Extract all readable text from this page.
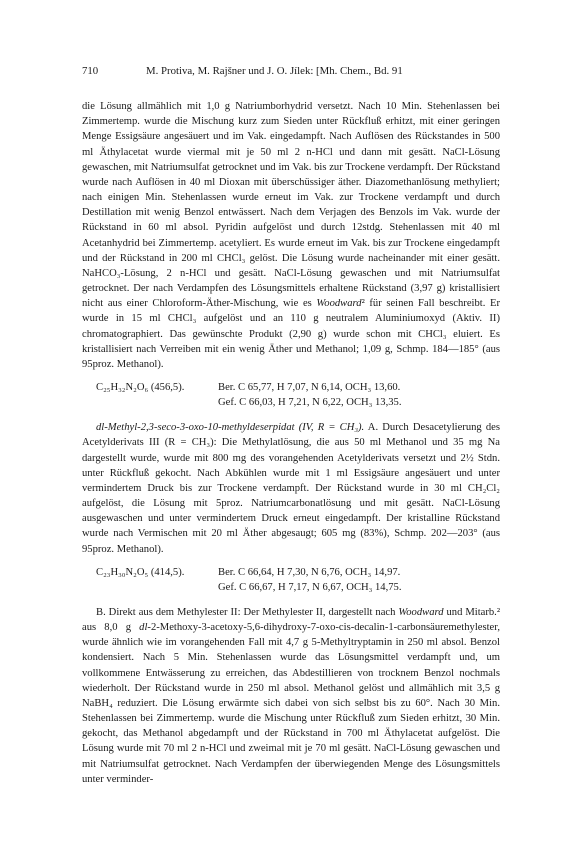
710	M. Protiva, M. Rajšner und J. O. Jílek: [Mh. Chem., Bd. 91

die Lösung allmählich mit 1,0 g Natriumborhydrid versetzt. Nach 10 Min. Stehenlassen bei Zimmertemp. wurde die Mischung kurz zum Sieden unter Rückfluß erhitzt, mit einer geringen Menge Essigsäure angesäuert und im Vak. eingedampft. Nach Auflösen des Rückstandes in 500 ml Äthylacetat wurde viermal mit je 50 ml 2 n-HCl und dann mit gesätt. NaCl-Lösung gewaschen, mit Natriumsulfat getrocknet und im Vak. bis zur Trockene verdampft. Der Rückstand wurde nach Auflösen in 40 ml Dioxan mit überschüssiger äther. Diazomethanlösung methyliert; nach einigen Min. Stehenlassen wurde erneut im Vak. zur Trockene verdampft und durch Destillation mit wenig Benzol entwässert. Nach dem Verjagen des Benzols im Vak. wurde der Rückstand in 60 ml absol. Pyridin aufgelöst und durch 12stdg. Stehenlassen mit 40 ml Acetanhydrid bei Zimmertemp. acetyliert. Es wurde erneut im Vak. bis zur Trockene eingedampft und der Rückstand in 200 ml CHCl₃ gelöst. Die Lösung wurde nacheinander mit einer gesätt. NaHCO₃-Lösung, 2 n-HCl und gesätt. NaCl-Lösung gewaschen und mit Natriumsulfat getrocknet. Der nach Verdampfen des Lösungsmittels erhaltene Rückstand (3,97 g) kristallisiert nicht aus einer Chloroform-Äther-Mischung, wie es Woodward² für seinen Fall beschreibt. Er wurde in 15 ml CHCl₃ aufgelöst und an 110 g neutralem Aluminiumoxyd (Aktiv. II) chromatographiert. Das gewünschte Produkt (2,90 g) wurde schon mit CHCl₃ eluiert. Es kristallisiert nach Verreiben mit ein wenig Äther und Methanol; 1,09 g, Schmp. 184—185° (aus 95proz. Methanol).

C₂₅H₃₂N₂O₆ (456,5).	Ber. C 65,77, H 7,07, N 6,14, OCH₃ 13,60.
Gef. C 66,03, H 7,21, N 6,22, OCH₃ 13,35.

dl-Methyl-2,3-seco-3-oxo-10-methyldeserpidat (IV, R = CH₃). A. Durch Desacetylierung des Acetylderivats III (R = CH₃): Die Methylatlösung, die aus 50 ml Methanol und 35 mg Na dargestellt wurde, wurde mit 800 mg des vorangehenden Acetylderivats versetzt und 2½ Stdn. unter Rückfluß gekocht. Nach Abkühlen wurde mit 1 ml Essigsäure angesäuert und unter vermindertem Druck bis zur Trockene verdampft. Der Rückstand wurde in 30 ml CH₂Cl₂ aufgelöst, die Lösung mit 5proz. Natriumcarbonatlösung und mit gesätt. NaCl-Lösung ausgewaschen und unter vermindertem Druck erneut eingedampft. Der kristalline Rückstand wurde nach Vermischen mit 20 ml Äther abgesaugt; 605 mg (83%), Schmp. 202—203° (aus 95proz. Methanol).

C₂₃H₃₀N₂O₅ (414,5).	Ber. C 66,64, H 7,30, N 6,76, OCH₃ 14,97.
Gef. C 66,67, H 7,17, N 6,67, OCH₃ 14,75.

B. Direkt aus dem Methylester II: Der Methylester II, dargestellt nach Woodward und Mitarb.² aus 8,0 g dl-2-Methoxy-3-acetoxy-5,6-dihydroxy-7-oxo-cis-decalin-1-carbonsäuremethylester, wurde ähnlich wie im vorangehenden Fall mit 4,7 g 5-Methyltryptamin in 250 ml absol. Benzol kondensiert. Nach 5 Min. Stehenlassen wurde das Lösungsmittel verdampft und, um vollkommene Entwässerung zu erreichen, das Abdestillieren von trocknem Benzol nochmals wiederholt. Der Rückstand wurde in 250 ml absol. Methanol gelöst und allmählich mit 3,5 g NaBH₄ reduziert. Die Lösung erwärmte sich dabei von sich selbst bis zu 60°. Nach 30 Min. Stehenlassen bei Zimmertemp. wurde die Mischung unter Rückfluß zum Sieden erhitzt, 30 Min. gekocht, das Methanol abgedampft und der Rückstand in 700 ml Äthylacetat aufgelöst. Die Lösung wurde mit 70 ml 2 n-HCl und zweimal mit je 70 ml gesätt. NaCl-Lösung gewaschen und mit Natriumsulfat getrocknet. Nach Verdampfen der überwiegenden Menge des Lösungsmittels unter verminder-
